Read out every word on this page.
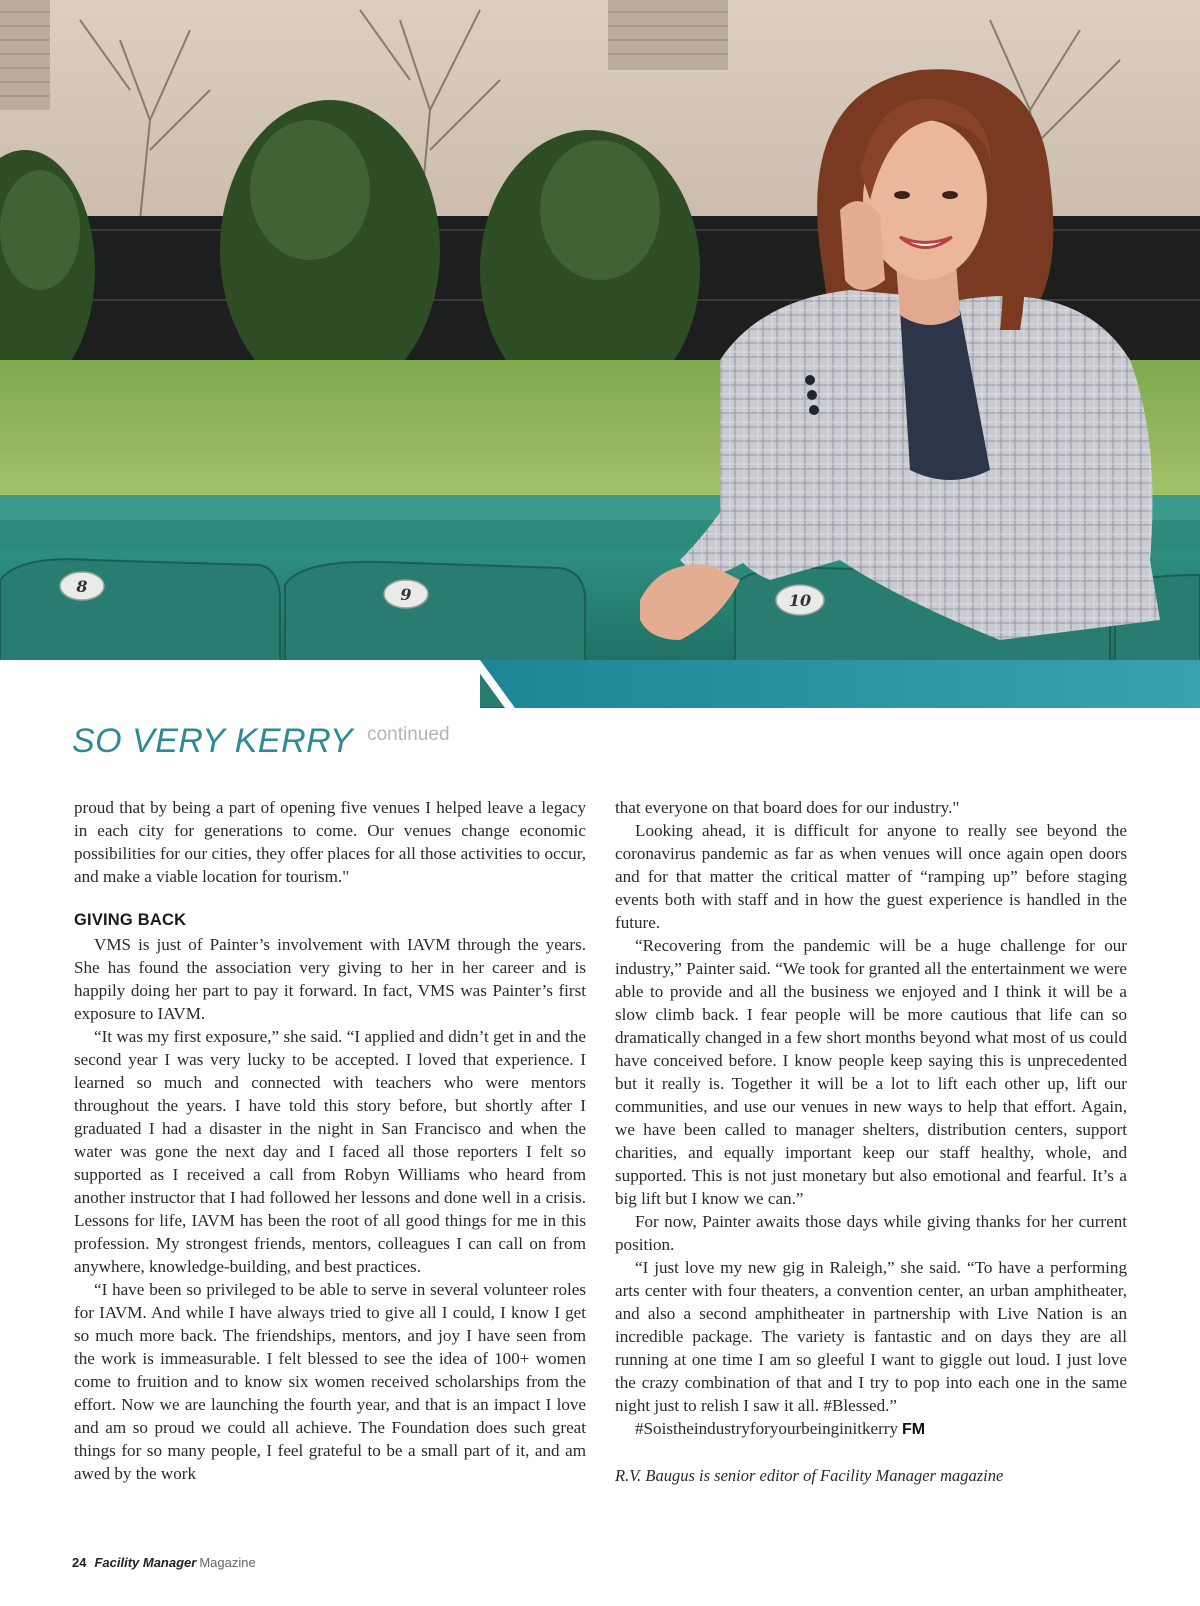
8	9	10
SO VERY KERRY continued

proud that by being a part of opening five venues I helped leave a legacy in each city for generations to come. Our venues change economic possibilities for our cities, they offer places for all those activities to occur, and make a viable location for tourism."

GIVING BACK

VMS is just of Painter’s involvement with IAVM through the years. She has found the association very giving to her in her career and is happily doing her part to pay it forward. In fact, VMS was Painter’s first exposure to IAVM.

“It was my first exposure,” she said. “I applied and didn’t get in and the second year I was very lucky to be accepted. I loved that experience. I learned so much and connected with teachers who were mentors throughout the years. I have told this story before, but shortly after I graduated I had a disaster in the night in San Francisco and when the water was gone the next day and I faced all those reporters I felt so supported as I received a call from Robyn Williams who heard from another instructor that I had followed her lessons and done well in a crisis. Lessons for life, IAVM has been the root of all good things for me in this profession. My strongest friends, mentors, colleagues I can call on from anywhere, knowledge-building, and best practices.

“I have been so privileged to be able to serve in several volunteer roles for IAVM. And while I have always tried to give all I could, I know I get so much more back. The friendships, mentors, and joy I have seen from the work is immeasurable. I felt blessed to see the idea of 100+ women come to fruition and to know six women received scholarships from the effort. Now we are launching the fourth year, and that is an impact I love and am so proud we could all achieve. The Foundation does such great things for so many people, I feel grateful to be a small part of it, and am awed by the work

that everyone on that board does for our industry."

Looking ahead, it is difficult for anyone to really see beyond the coronavirus pandemic as far as when venues will once again open doors and for that matter the critical matter of “ramping up” before staging events both with staff and in how the guest experience is handled in the future.

“Recovering from the pandemic will be a huge challenge for our industry,” Painter said. “We took for granted all the entertainment we were able to provide and all the business we enjoyed and I think it will be a slow climb back. I fear people will be more cautious that life can so dramatically changed in a few short months beyond what most of us could have conceived before. I know people keep saying this is unprecedented but it really is. Together it will be a lot to lift each other up, lift our communities, and use our venues in new ways to help that effort. Again, we have been called to manager shelters, distribution centers, support charities, and equally important keep our staff healthy, whole, and supported. This is not just monetary but also emotional and fearful. It’s a big lift but I know we can.”

For now, Painter awaits those days while giving thanks for her current position.

“I just love my new gig in Raleigh,” she said. “To have a performing arts center with four theaters, a convention center, an urban amphitheater, and also a second amphitheater in partnership with Live Nation is an incredible package. The variety is fantastic and on days they are all running at one time I am so gleeful I want to giggle out loud. I just love the crazy combination of that and I try to pop into each one in the same night just to relish I saw it all. #Blessed.”

#Soistheindustryforyourbeinginitkerry FM

R.V. Baugus is senior editor of Facility Manager magazine
24 Facility Manager Magazine
